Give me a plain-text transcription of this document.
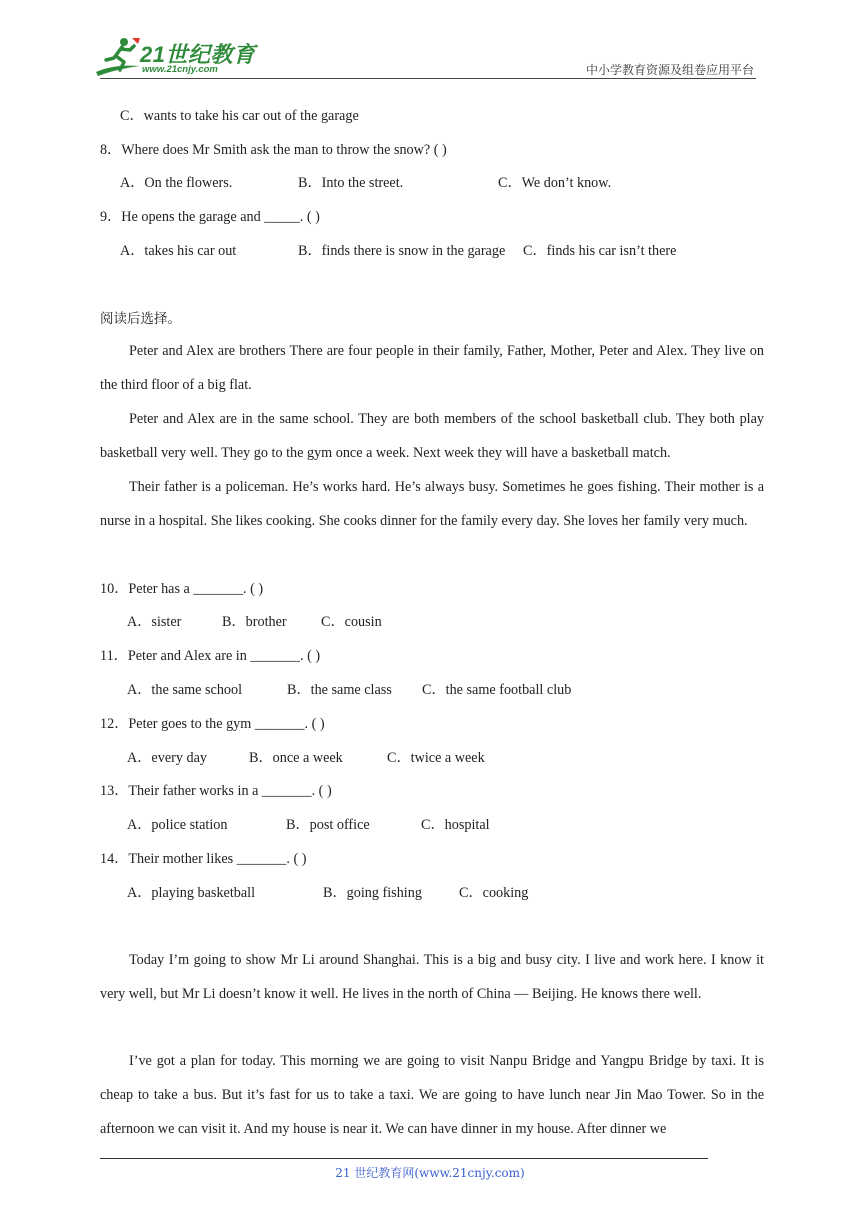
21世纪教育
www.21cnjy.com	中小学教育资源及组卷应用平台
C．wants to take his car out of the garage
8．Where does Mr Smith ask the man to throw the snow? ( )
A．On the flowers.	B．Into the street.	C．We don’t know.
9．He opens the garage and _____. ( )
A．takes his car out	B．finds there is snow in the garage C．finds his car isn’t there
阅读后选择。
Peter and Alex are brothers There are four people in their family, Father, Mother, Peter and Alex. They live on the third floor of a big flat.
Peter and Alex are in the same school. They are both members of the school basketball club. They both play basketball very well. They go to the gym once a week. Next week they will have a basketball match.
Their father is a policeman. He’s works hard. He’s always busy. Sometimes he goes fishing. Their mother is a nurse in a hospital. She likes cooking. She cooks dinner for the family every day. She loves her family very much.
10．Peter has a _______. ( )
A．sister	B．brother C．cousin
11．Peter and Alex are in _______. ( )
A．the same school	B．the same class C．the same football club
12．Peter goes to the gym _______. ( )
A．every day	B．once a week	C．twice a week
13．Their father works in a _______. ( )
A．police station	B．post office	C．hospital
14．Their mother likes _______. ( )
A．playing basketball	B．going fishing	C．cooking
Today I’m going to show Mr Li around Shanghai. This is a big and busy city. I live and work here. I know it very well, but Mr Li doesn’t know it well. He lives in the north of China — Beijing. He knows there well.
I’ve got a plan for today. This morning we are going to visit Nanpu Bridge and Yangpu Bridge by taxi. It is cheap to take a bus. But it’s fast for us to take a taxi. We are going to have lunch near Jin Mao Tower. So in the afternoon we can visit it. And my house is near it. We can have dinner in my house. After dinner we
21 世纪教育网(www.21cnjy.com)
